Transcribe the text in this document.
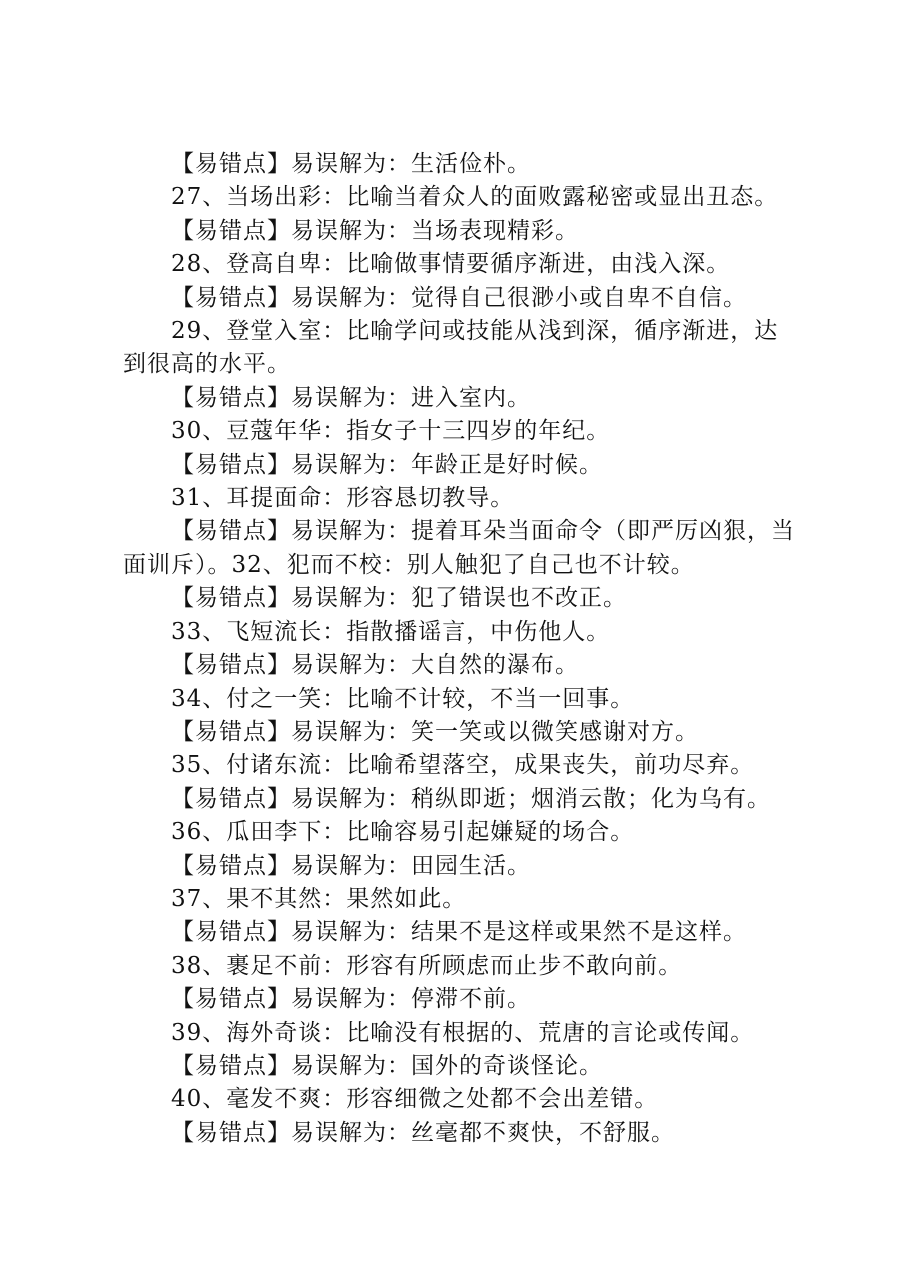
【易错点】易误解为：生活俭朴。

27、当场出彩：比喻当着众人的面败露秘密或显出丑态。

【易错点】易误解为：当场表现精彩。

28、登高自卑：比喻做事情要循序渐进，由浅入深。

【易错点】易误解为：觉得自己很渺小或自卑不自信。

29、登堂入室：比喻学问或技能从浅到深，循序渐进，达到很高的水平。

【易错点】易误解为：进入室内。

30、豆蔻年华：指女子十三四岁的年纪。

【易错点】易误解为：年龄正是好时候。

31、耳提面命：形容恳切教导。

【易错点】易误解为：提着耳朵当面命令（即严厉凶狠，当面训斥）。32、犯而不校：别人触犯了自己也不计较。

【易错点】易误解为：犯了错误也不改正。

33、飞短流长：指散播谣言，中伤他人。

【易错点】易误解为：大自然的瀑布。

34、付之一笑：比喻不计较，不当一回事。

【易错点】易误解为：笑一笑或以微笑感谢对方。

35、付诸东流：比喻希望落空，成果丧失，前功尽弃。

【易错点】易误解为：稍纵即逝；烟消云散；化为乌有。

36、瓜田李下：比喻容易引起嫌疑的场合。

【易错点】易误解为：田园生活。

37、果不其然：果然如此。

【易错点】易误解为：结果不是这样或果然不是这样。

38、裹足不前：形容有所顾虑而止步不敢向前。

【易错点】易误解为：停滞不前。

39、海外奇谈：比喻没有根据的、荒唐的言论或传闻。

【易错点】易误解为：国外的奇谈怪论。

40、毫发不爽：形容细微之处都不会出差错。

【易错点】易误解为：丝毫都不爽快，不舒服。
